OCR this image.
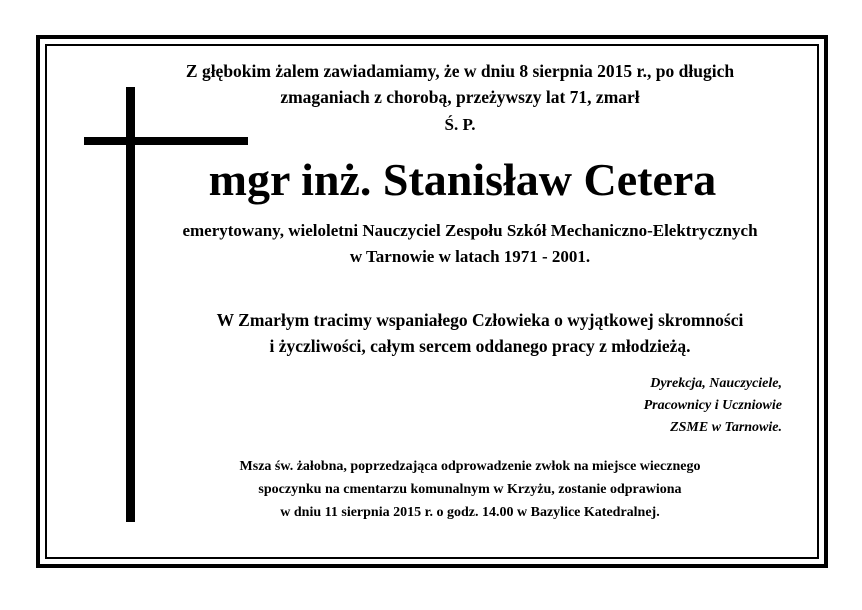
Z głębokim żalem zawiadamiamy, że w dniu 8 sierpnia 2015 r., po długich
zmaganiach z chorobą, przeżywszy lat 71, zmarł
Ś. P.
mgr inż. Stanisław Cetera
emerytowany, wieloletni Nauczyciel Zespołu Szkół Mechaniczno-Elektrycznych
w Tarnowie w latach 1971 - 2001.
W Zmarłym tracimy wspaniałego Człowieka o wyjątkowej skromności
i życzliwości, całym sercem oddanego pracy z młodzieżą.
Dyrekcja, Nauczyciele,
Pracownicy i Uczniowie
ZSME w Tarnowie.
Msza św. żałobna, poprzedzająca odprowadzenie zwłok na miejsce wiecznego
spoczynku na cmentarzu komunalnym w Krzyżu, zostanie odprawiona
w dniu 11 sierpnia 2015 r. o godz. 14.00 w Bazylice Katedralnej.
